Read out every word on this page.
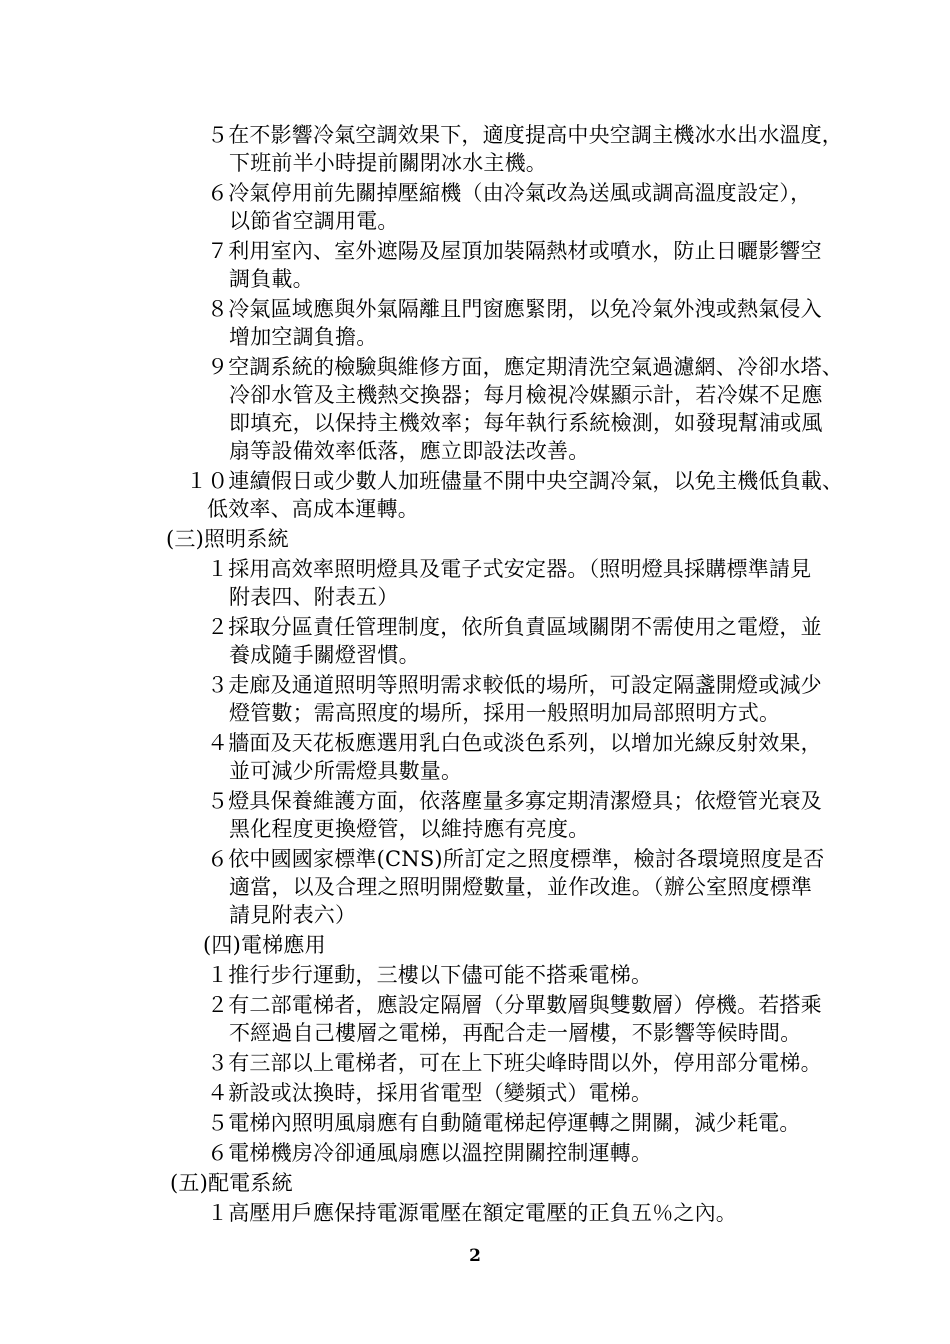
５在不影響冷氣空調效果下，適度提高中央空調主機冰水出水溫度，
下班前半小時提前關閉冰水主機。
６冷氣停用前先關掉壓縮機（由冷氣改為送風或調高溫度設定），
以節省空調用電。
７利用室內、室外遮陽及屋頂加裝隔熱材或噴水，防止日曬影響空
調負載。
８冷氣區域應與外氣隔離且門窗應緊閉，以免冷氣外洩或熱氣侵入
增加空調負擔。
９空調系統的檢驗與維修方面，應定期清洗空氣過濾網、冷卻水塔、
冷卻水管及主機熱交換器；每月檢視冷媒顯示計，若冷媒不足應
即填充，以保持主機效率；每年執行系統檢測，如發現幫浦或風
扇等設備效率低落，應立即設法改善。
１０連續假日或少數人加班儘量不開中央空調冷氣，以免主機低負載、
低效率、高成本運轉。
(三)照明系統
１採用高效率照明燈具及電子式安定器。（照明燈具採購標準請見
附表四、附表五）
２採取分區責任管理制度，依所負責區域關閉不需使用之電燈，並
養成隨手關燈習慣。
３走廊及通道照明等照明需求較低的場所，可設定隔盞開燈或減少
燈管數；需高照度的場所，採用一般照明加局部照明方式。
４牆面及天花板應選用乳白色或淡色系列，以增加光線反射效果，
並可減少所需燈具數量。
５燈具保養維護方面，依落塵量多寡定期清潔燈具；依燈管光衰及
黑化程度更換燈管，以維持應有亮度。
６依中國國家標準(CNS)所訂定之照度標準，檢討各環境照度是否
適當，以及合理之照明開燈數量，並作改進。（辦公室照度標準
請見附表六）
(四)電梯應用
１推行步行運動，三樓以下儘可能不搭乘電梯。
２有二部電梯者，應設定隔層（分單數層與雙數層）停機。若搭乘
不經過自己樓層之電梯，再配合走一層樓，不影響等候時間。
３有三部以上電梯者，可在上下班尖峰時間以外，停用部分電梯。
４新設或汰換時，採用省電型（變頻式）電梯。
５電梯內照明風扇應有自動隨電梯起停運轉之開關，減少耗電。
６電梯機房冷卻通風扇應以溫控開關控制運轉。
(五)配電系統
１高壓用戶應保持電源電壓在額定電壓的正負五％之內。
2
